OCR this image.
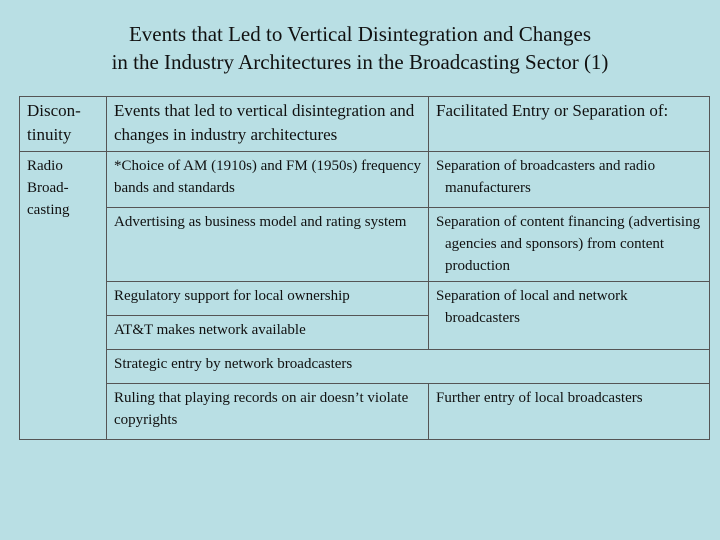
Events that Led to Vertical Disintegration and Changes
in the Industry Architectures in the Broadcasting Sector (1)
Discon-
tinuity	Events that led to vertical disintegration and changes in industry architectures	Facilitated Entry or Separation of:
Radio Broad-
casting	*Choice of AM (1910s) and FM (1950s) frequency bands and standards	Separation of broadcasters and radio manufacturers

	Advertising as business model and rating system	Separation of content financing (advertising agencies and sponsors) from content production

	Regulatory support for local ownership	Separation of local and network broadcasters

	AT&T makes network available	
	Strategic entry by network broadcasters	
	Ruling that playing records on air doesn’t violate copyrights	Further entry of local broadcasters
